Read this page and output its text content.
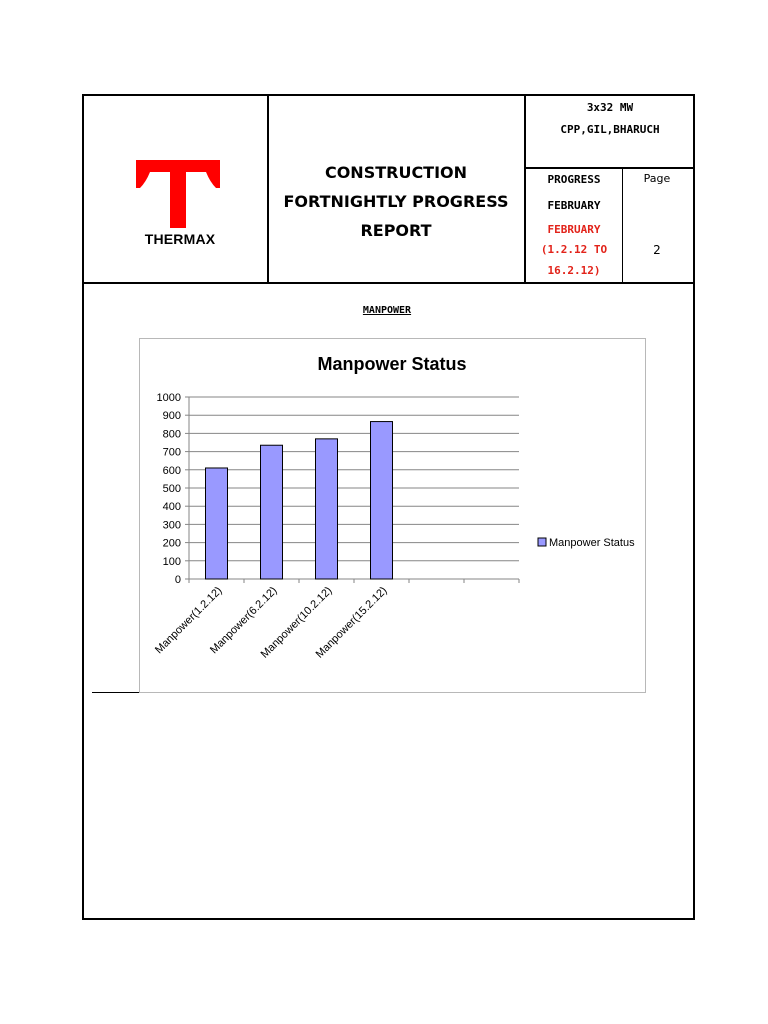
THERMAX
CONSTRUCTION
FORTNIGHTLY PROGRESS
REPORT
3x32 MW
CPP,GIL,BHARUCH
PROGRESS
FEBRUARY
FEBRUARY
(1.2.12 TO
16.2.12)
Page
2
MANPOWER
Manpower Status
0
100
200
300
400
500
600
700
800
900
1000
Manpower(1.2.12)
Manpower(6.2.12)
Manpower(10.2.12)
Manpower(15.2.12)
Manpower Status
